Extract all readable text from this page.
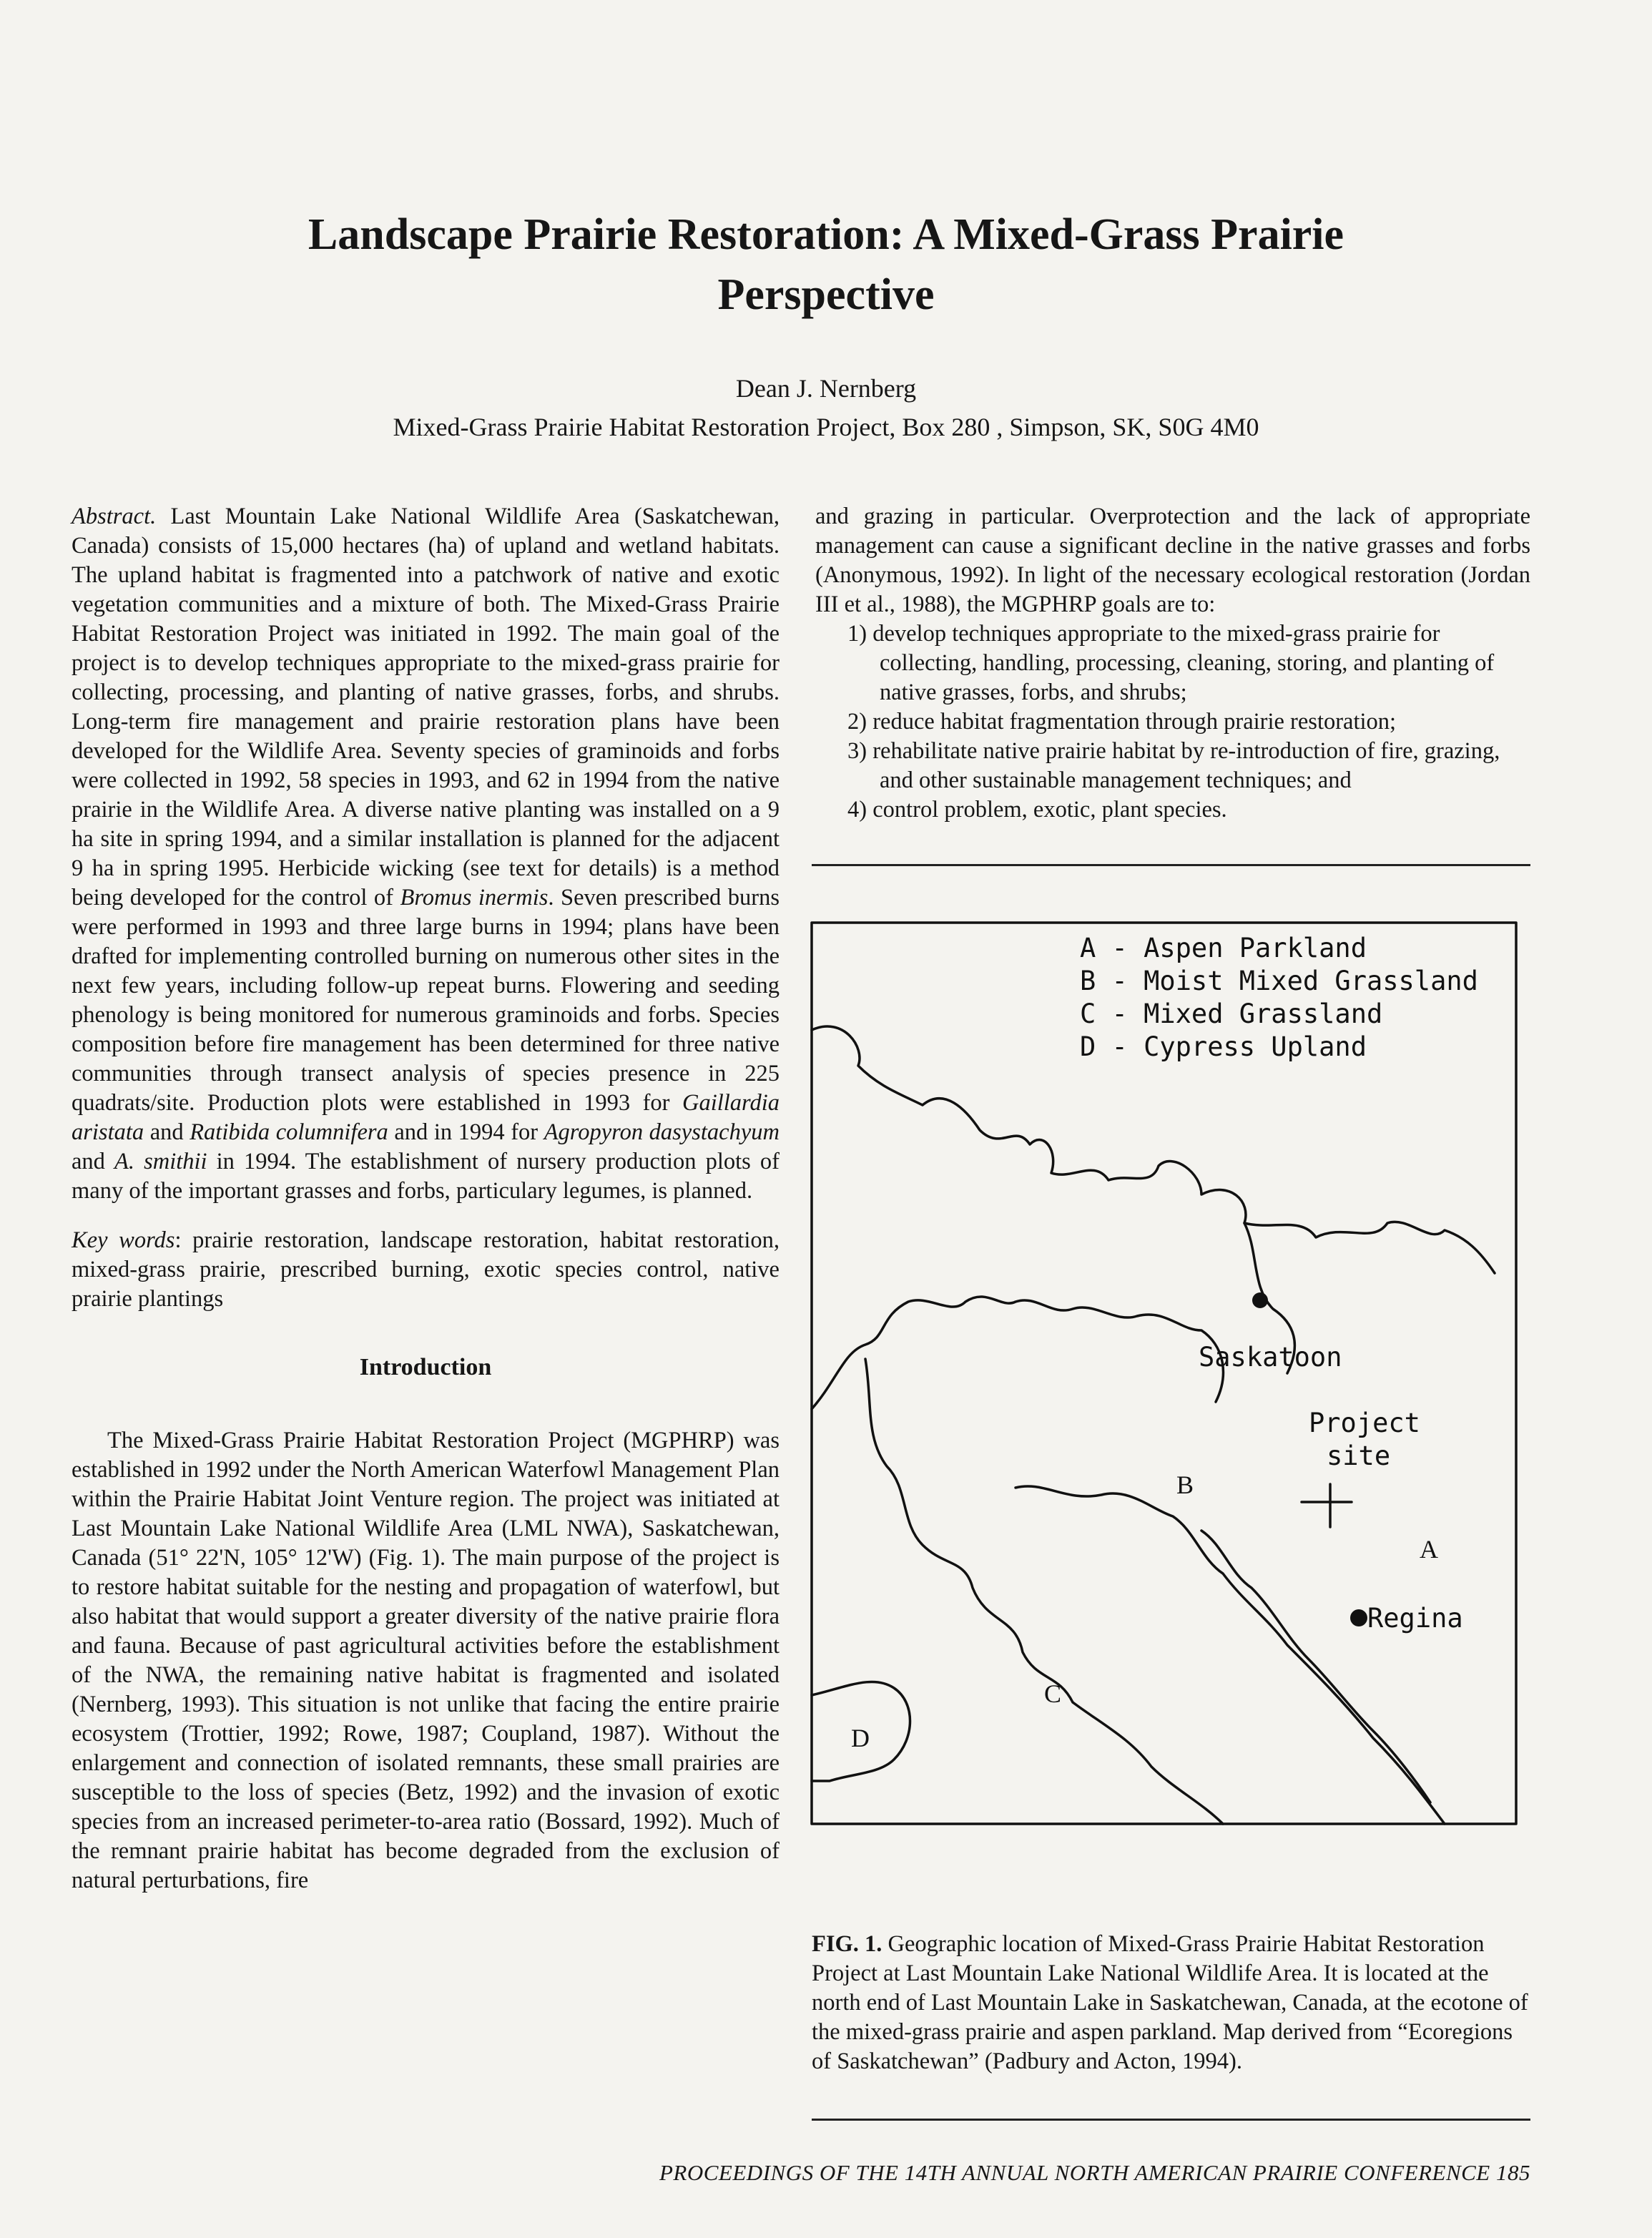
Landscape Prairie Restoration: A Mixed-Grass Prairie
Perspective
Dean J. Nernberg
Mixed-Grass Prairie Habitat Restoration Project, Box 280 , Simpson, SK, S0G 4M0

Abstract. Last Mountain Lake National Wildlife Area (Saskatchewan, Canada) consists of 15,000 hectares (ha) of upland and wetland habitats. The upland habitat is fragmented into a patchwork of native and exotic vegetation communities and a mixture of both. The Mixed-Grass Prairie Habitat Restoration Project was initiated in 1992. The main goal of the project is to develop techniques appropriate to the mixed-grass prairie for collecting, processing, and planting of native grasses, forbs, and shrubs. Long-term fire management and prairie restoration plans have been developed for the Wildlife Area. Seventy species of graminoids and forbs were collected in 1992, 58 species in 1993, and 62 in 1994 from the native prairie in the Wildlife Area. A diverse native planting was installed on a 9 ha site in spring 1994, and a similar installation is planned for the adjacent 9 ha in spring 1995. Herbicide wicking (see text for details) is a method being developed for the control of Bromus inermis. Seven prescribed burns were performed in 1993 and three large burns in 1994; plans have been drafted for implementing controlled burning on numerous other sites in the next few years, including follow-up repeat burns. Flowering and seeding phenology is being monitored for numerous graminoids and forbs. Species composition before fire management has been determined for three native communities through transect analysis of species presence in 225 quadrats/site. Production plots were established in 1993 for Gaillardia aristata and Ratibida columnifera and in 1994 for Agropyron dasystachyum and A. smithii in 1994. The establishment of nursery production plots of many of the important grasses and forbs, particulary legumes, is planned.

Key words: prairie restoration, landscape restoration, habitat restoration, mixed-grass prairie, prescribed burning, exotic species control, native prairie plantings

Introduction

The Mixed-Grass Prairie Habitat Restoration Project (MGPHRP) was established in 1992 under the North American Waterfowl Management Plan within the Prairie Habitat Joint Venture region. The project was initiated at Last Mountain Lake National Wildlife Area (LML NWA), Saskatchewan, Canada (51° 22'N, 105° 12'W) (Fig. 1). The main purpose of the project is to restore habitat suitable for the nesting and propagation of waterfowl, but also habitat that would support a greater diversity of the native prairie flora and fauna. Because of past agricultural activities before the establishment of the NWA, the remaining native habitat is fragmented and isolated (Nernberg, 1993). This situation is not unlike that facing the entire prairie ecosystem (Trottier, 1992; Rowe, 1987; Coupland, 1987). Without the enlargement and connection of isolated remnants, these small prairies are susceptible to the loss of species (Betz, 1992) and the invasion of exotic species from an increased perimeter-to-area ratio (Bossard, 1992). Much of the remnant prairie habitat has become degraded from the exclusion of natural perturbations, fire

and grazing in particular. Overprotection and the lack of appropriate management can cause a significant decline in the native grasses and forbs (Anonymous, 1992). In light of the necessary ecological restoration (Jordan III et al., 1988), the MGPHRP goals are to:

1) develop techniques appropriate to the mixed-grass prairie for collecting, handling, processing, cleaning, storing, and planting of native grasses, forbs, and shrubs;
2) reduce habitat fragmentation through prairie restoration;
3) rehabilitate native prairie habitat by re-introduction of fire, grazing, and other sustainable management techniques; and
4) control problem, exotic, plant species.
A - Aspen Parkland
B - Moist Mixed Grassland
C - Mixed Grassland
D - Cypress Upland
Saskatoon
Regina
Project
site
A
B
C
D

FIG. 1. Geographic location of Mixed-Grass Prairie Habitat Restoration Project at Last Mountain Lake National Wildlife Area. It is located at the north end of Last Mountain Lake in Saskatchewan, Canada, at the ecotone of the mixed-grass prairie and aspen parkland. Map derived from “Ecoregions of Saskatchewan” (Padbury and Acton, 1994).

PROCEEDINGS OF THE 14TH ANNUAL NORTH AMERICAN PRAIRIE CONFERENCE 185
